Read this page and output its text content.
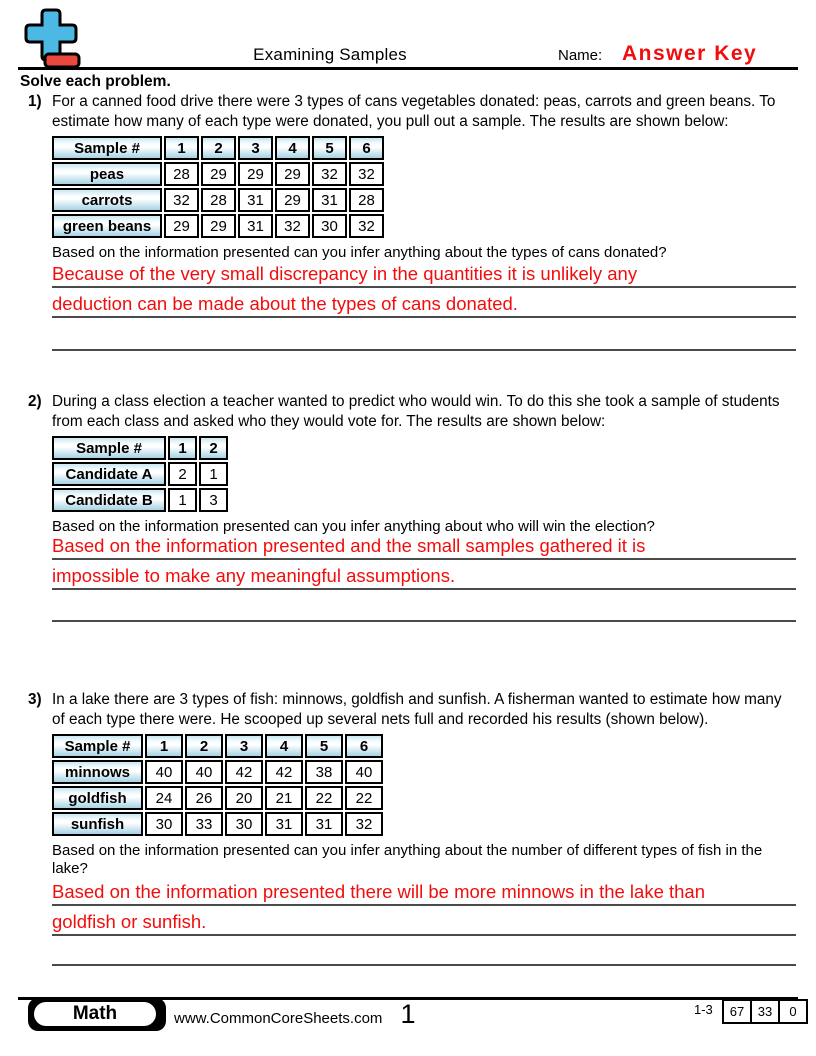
Examining Samples	Name: Answer Key
Solve each problem.
1) For a canned food drive there were 3 types of cans vegetables donated: peas, carrots and green beans. To estimate how many of each type were donated, you pull out a sample. The results are shown below:
Sample #	1	2	3	4	5	6
peas	28	29	29	29	32	32
carrots	32	28	31	29	31	28
green beans	29	29	31	32	30	32
Based on the information presented can you infer anything about the types of cans donated?
Because of the very small discrepancy in the quantities it is unlikely any
deduction can be made about the types of cans donated.
2) During a class election a teacher wanted to predict who would win. To do this she took a sample of students from each class and asked who they would vote for. The results are shown below:
Sample #	1	2
Candidate A	2	1
Candidate B	1	3
Based on the information presented can you infer anything about who will win the election?
Based on the information presented and the small samples gathered it is
impossible to make any meaningful assumptions.
3) In a lake there are 3 types of fish: minnows, goldfish and sunfish. A fisherman wanted to estimate how many of each type there were. He scooped up several nets full and recorded his results (shown below).
Sample #	1	2	3	4	5	6
minnows	40	40	42	42	38	40
goldfish	24	26	20	21	22	22
sunfish	30	33	30	31	31	32
Based on the information presented can you infer anything about the number of different types of fish in the lake?
Based on the information presented there will be more minnows in the lake than
goldfish or sunfish.
Math	www.CommonCoreSheets.com 1	1-3 67	33	0
